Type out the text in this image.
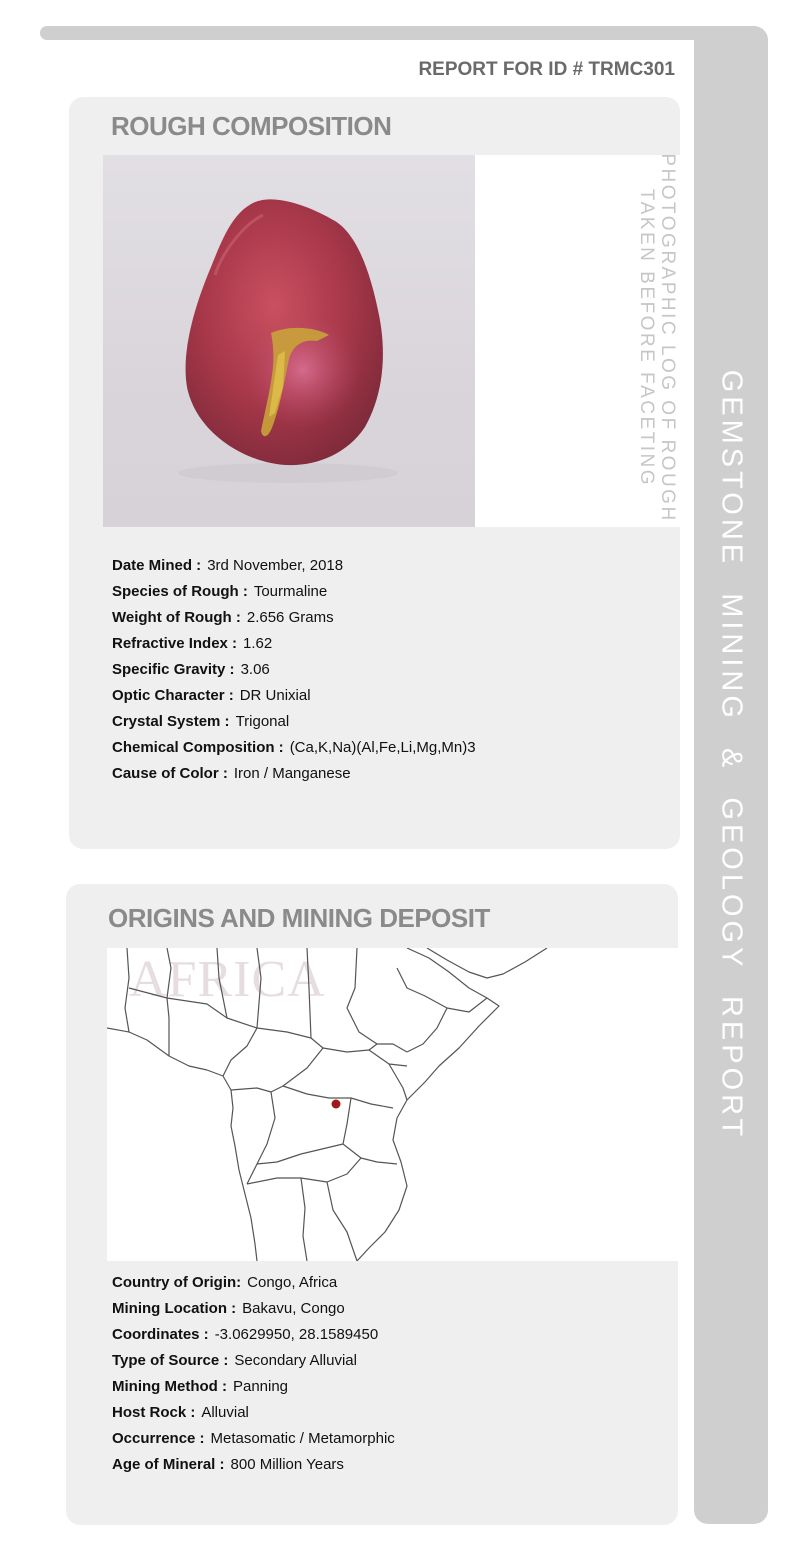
GEMSTONE MINING & GEOLOGY REPORT
REPORT FOR ID # TRMC301
ROUGH COMPOSITION
PHOTOGRAPHIC LOG OF ROUGH
TAKEN BEFORE FACETING
Date Mined : 3rd November, 2018
Species of Rough : Tourmaline
Weight of Rough : 2.656 Grams
Refractive Index : 1.62
Specific Gravity : 3.06
Optic Character : DR Unixial
Crystal System : Trigonal
Chemical Composition : (Ca,K,Na)(Al,Fe,Li,Mg,Mn)3
Cause of Color : Iron / Manganese
ORIGINS AND MINING DEPOSIT
AFRICA
Country of Origin: Congo, Africa
Mining Location : Bakavu, Congo
Coordinates : -3.0629950, 28.1589450
Type of Source : Secondary Alluvial
Mining Method : Panning
Host Rock : Alluvial
Occurrence : Metasomatic / Metamorphic
Age of Mineral : 800 Million Years
